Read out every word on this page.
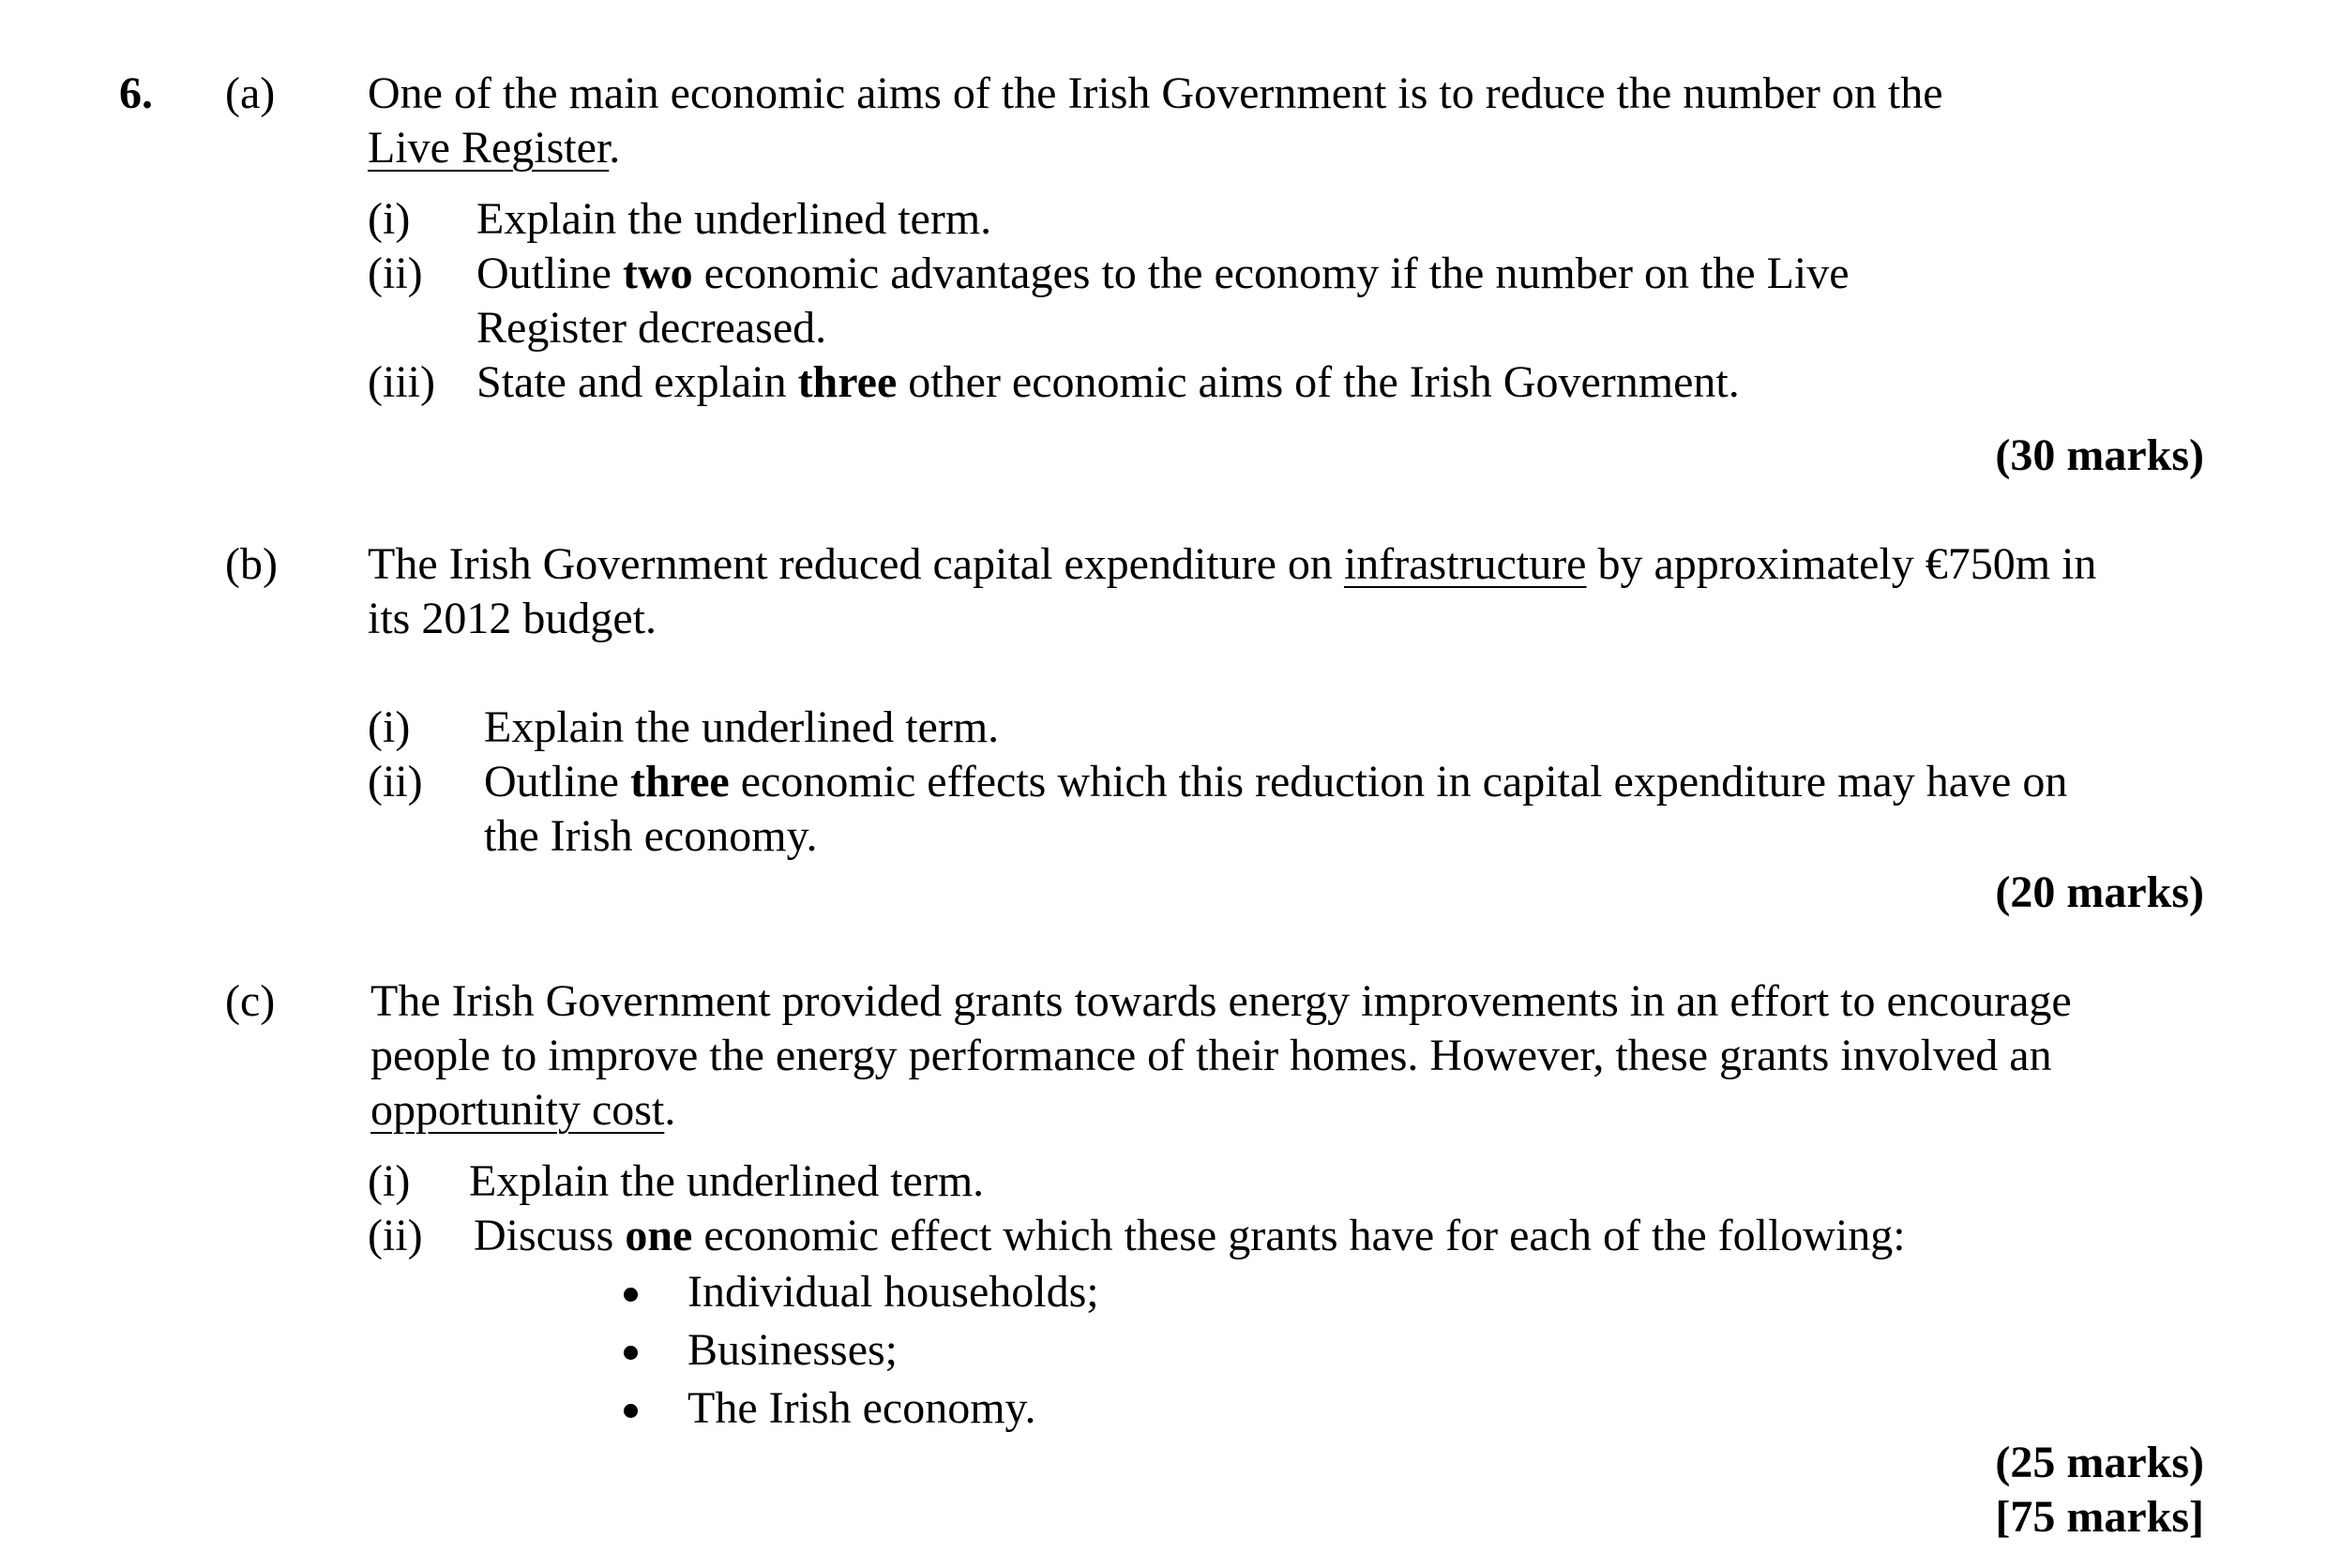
6. (a) One of the main economic aims of the Irish Government is to reduce the number on the
Live Register.
(i) Explain the underlined term.
(ii) Outline two economic advantages to the economy if the number on the Live
Register decreased.
(iii) State and explain three other economic aims of the Irish Government.
(30 marks)
(b) The Irish Government reduced capital expenditure on infrastructure by approximately €750m in
its 2012 budget.
(i) Explain the underlined term.
(ii) Outline three economic effects which this reduction in capital expenditure may have on
the Irish economy.
(20 marks)
(c) The Irish Government provided grants towards energy improvements in an effort to encourage
people to improve the energy performance of their homes. However, these grants involved an
opportunity cost.
(i) Explain the underlined term.
(ii) Discuss one economic effect which these grants have for each of the following:
Individual households;
Businesses;
The Irish economy.
(25 marks)
[75 marks]
